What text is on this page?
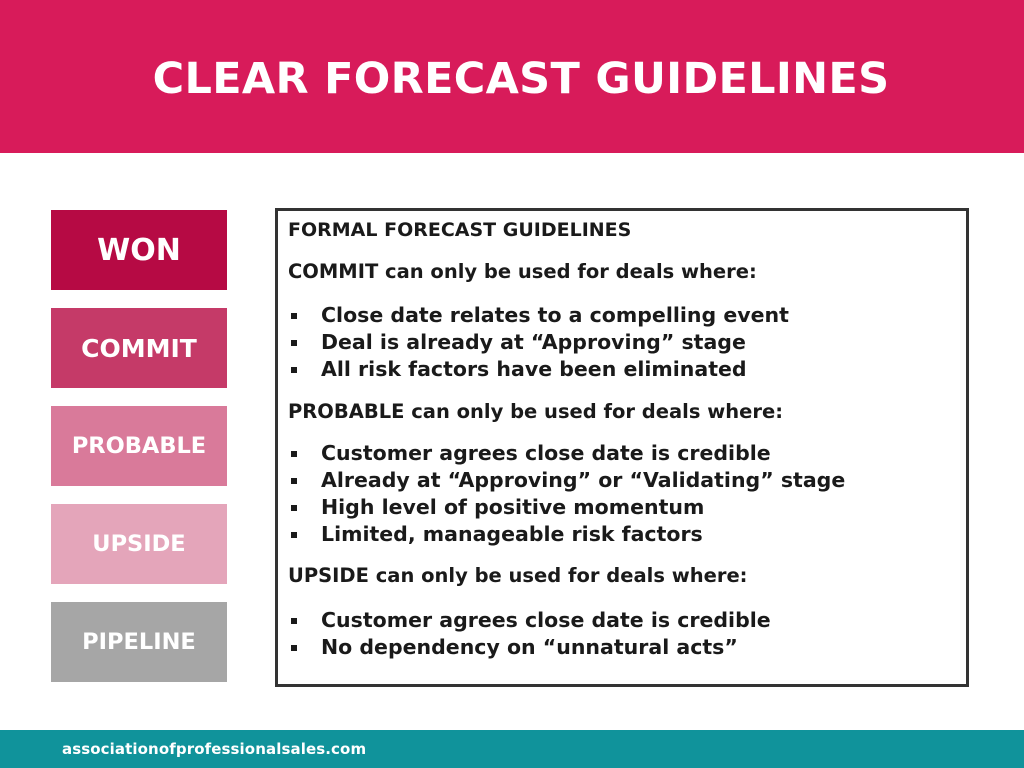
CLEAR FORECAST GUIDELINES
WON
COMMIT
PROBABLE
UPSIDE
PIPELINE
FORMAL FORECAST GUIDELINES
COMMIT can only be used for deals where:
Close date relates to a compelling event
Deal is already at “Approving” stage
All risk factors have been eliminated
PROBABLE can only be used for deals where:
Customer agrees close date is credible
Already at “Approving” or “Validating” stage
High level of positive momentum
Limited, manageable risk factors
UPSIDE can only be used for deals where:
Customer agrees close date is credible
No dependency on “unnatural acts”
associationofprofessionalsales.com
